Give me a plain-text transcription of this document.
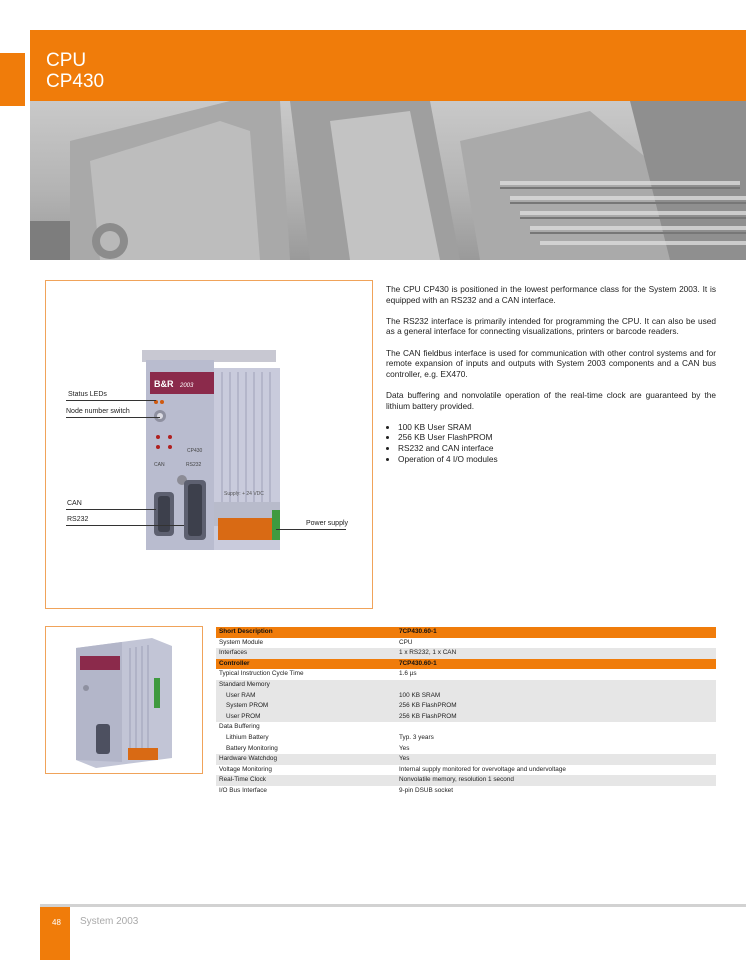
CPU
CP430
B&R 2003
CP430
CAN	RS232
Supply: + 24 VDC
Status LEDs
Node number switch
CAN
RS232
Power supply

The CPU CP430 is positioned in the lowest performance class for the System 2003. It is equipped with an RS232 and a CAN interface.

The RS232 interface is primarily intended for programming the CPU. It can also be used as a general interface for connecting visualizations, printers or barcode readers.

The CAN fieldbus interface is used for communication with other control systems and for remote expansion of inputs and outputs with System 2003 components and a CAN bus controller, e.g. EX470.

Data buffering and nonvolatile operation of the real-time clock are guaranteed by the lithium battery provided.

• 100 KB User SRAM
• 256 KB User FlashPROM
• RS232 and CAN interface
• Operation of 4 I/O modules
Short Description	7CP430.60-1
System Module	CPU
Interfaces	1 x RS232, 1 x CAN
Controller	7CP430.60-1
Typical Instruction Cycle Time	1.6 µs
Standard Memory	
User RAM	100 KB SRAM
System PROM	256 KB FlashPROM
User PROM	256 KB FlashPROM
Data Buffering	
Lithium Battery	Typ. 3 years
Battery Monitoring	Yes
Hardware Watchdog	Yes
Voltage Monitoring	Internal supply monitored for overvoltage and undervoltage
Real-Time Clock	Nonvolatile memory, resolution 1 second
I/O Bus Interface	9-pin DSUB socket
48 System 2003
